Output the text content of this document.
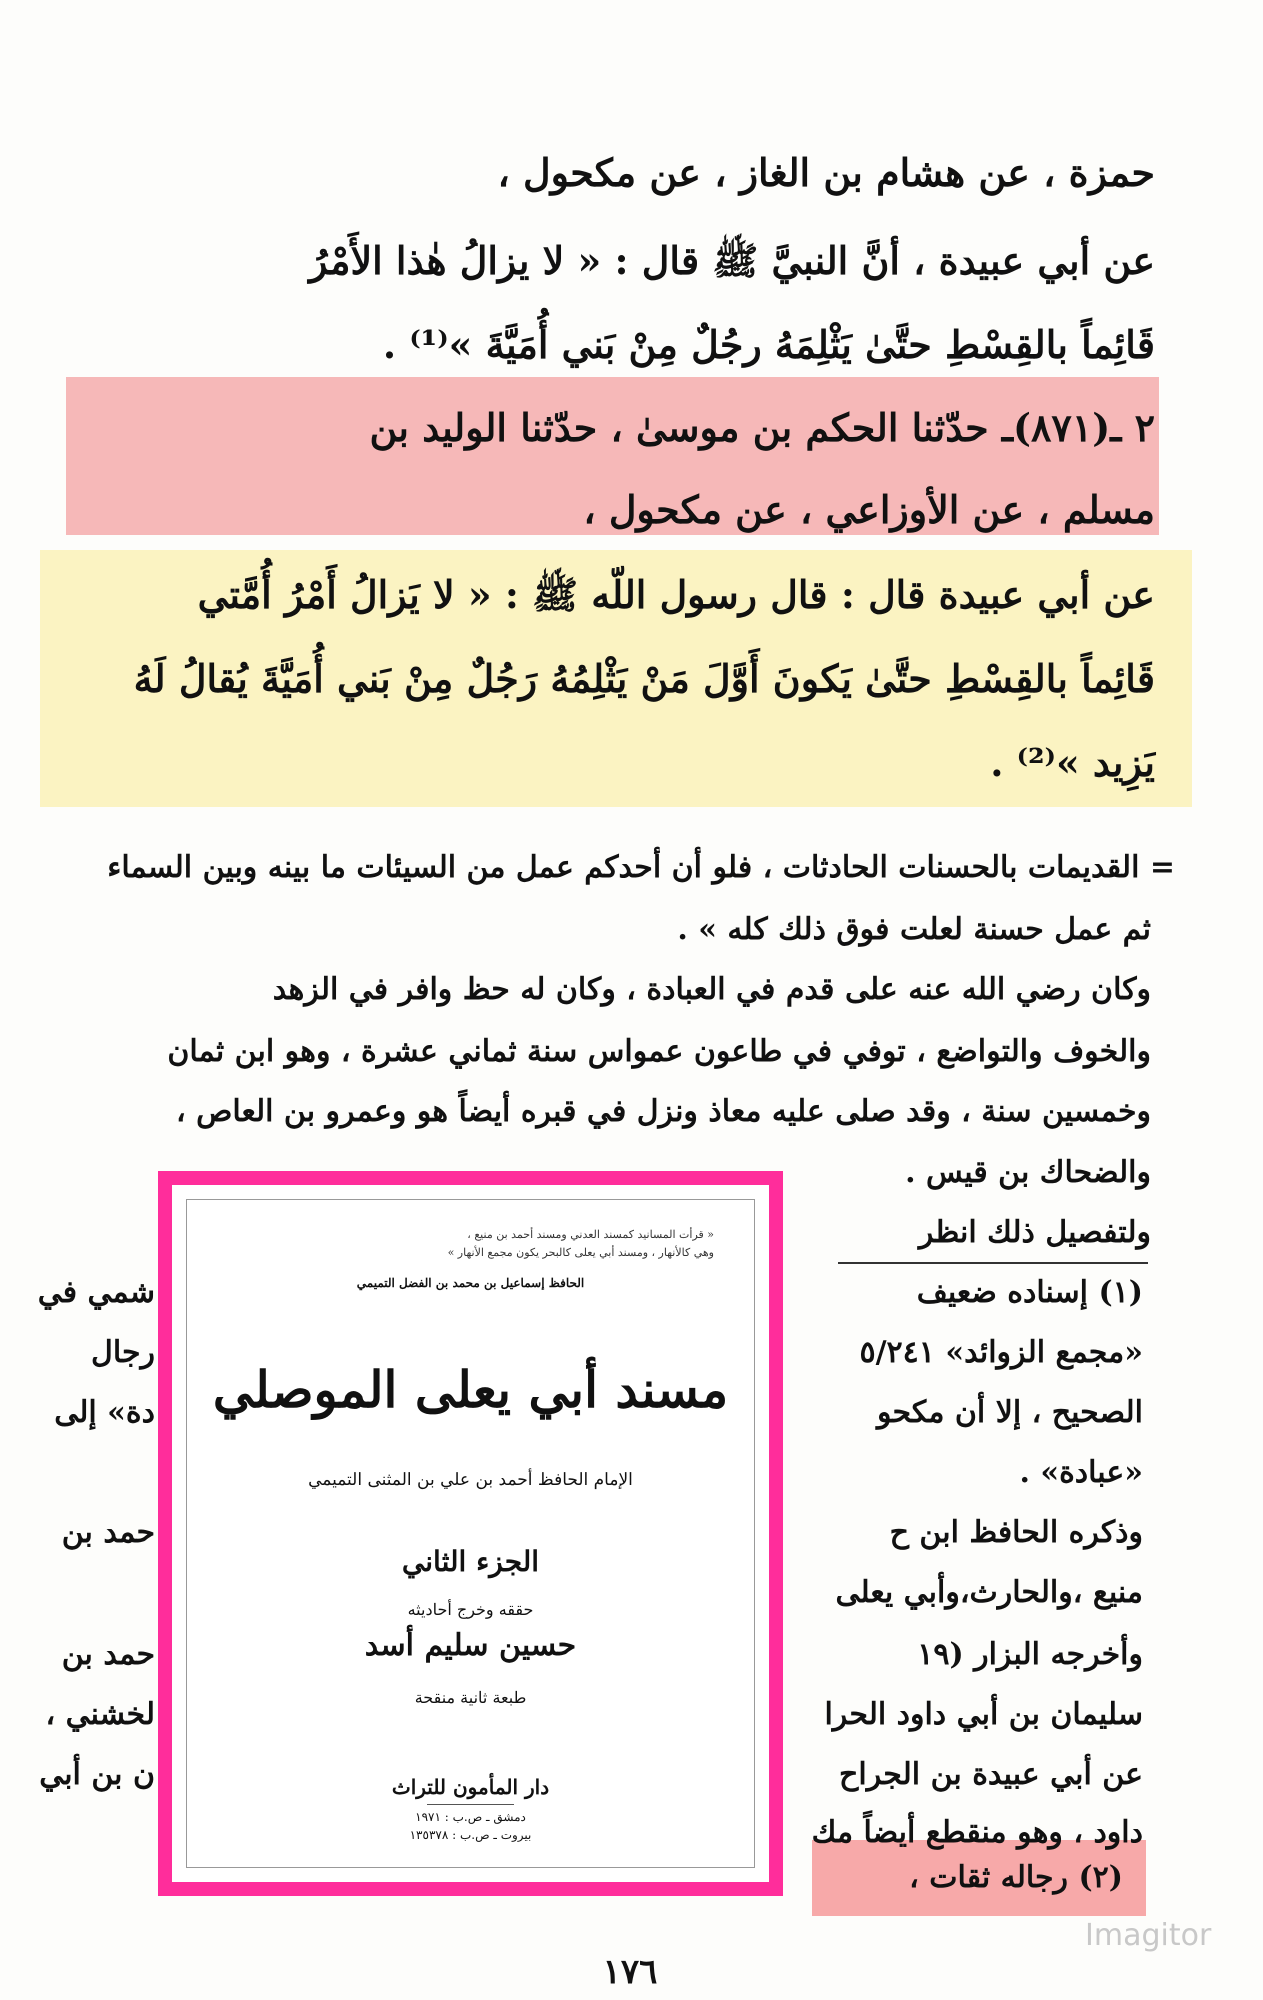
حمزة ، عن هشام بن الغاز ، عن مكحول ،
عن أبي عبيدة ، أنَّ النبيَّ ﷺ قال : « لا يزالُ هٰذا الأَمْرُ
قَائِماً بالقِسْطِ حتَّىٰ يَثْلِمَهُ رجُلٌ مِنْ بَني أُمَيَّةَ »⁽¹⁾ .
٢ ـ(٨٧١)ـ حدّثنا الحكم بن موسىٰ ، حدّثنا الوليد بن
مسلم ، عن الأوزاعي ، عن مكحول ،
عن أبي عبيدة قال : قال رسول اللّه ﷺ : « لا يَزالُ أَمْرُ أُمَّتي
قَائِماً بالقِسْطِ حتَّىٰ يَكونَ أَوَّلَ مَنْ يَثْلِمُهُ رَجُلٌ مِنْ بَني أُمَيَّةَ يُقالُ لَهُ
يَزِيد »⁽²⁾ .
= القديمات بالحسنات الحادثات ، فلو أن أحدكم عمل من السيئات ما بينه وبين السماء
ثم عمل حسنة لعلت فوق ذلك كله » .
وكان رضي الله عنه على قدم في العبادة ، وكان له حظ وافر في الزهد
والخوف والتواضع ، توفي في طاعون عمواس سنة ثماني عشرة ، وهو ابن ثمان
وخمسين سنة ، وقد صلى عليه معاذ ونزل في قبره أيضاً هو وعمرو بن العاص ،
والضحاك بن قيس .
ولتفصيل ذلك انظر
(١) إسناده ضعيف
شمي في
«مجمع الزوائد» ٥/٢٤١
رجال
الصحيح ، إلا أن مكحو
دة» إلى
«عبادة» .
وذكره الحافظ ابن ح
حمد بن
منيع ،والحارث،وأبي يعلى
وأخرجه البزار (١٩
حمد بن
سليمان بن أبي داود الحرا
لخشني ،
عن أبي عبيدة بن الجراح
ن بن أبي
داود ، وهو منقطع أيضاً مك
(٢) رجاله ثقات ،
« قرأت المسانيد كمسند العدني ومسند أحمد بن منيع ،
وهي كالأنهار ، ومسند أبي يعلى كالبحر يكون مجمع الأنهار »
الحافظ إسماعيل بن محمد بن الفضل التميمي
مسند أبي يعلى الموصلي
الإمام الحافظ أحمد بن علي بن المثنى التميمي
الجزء الثاني
حققه وخرج أحاديثه
حسين سليم أسد
طبعة ثانية منقحة
دار المأمون للتراث
دمشق ـ ص.ب : ١٩٧١
بيروت ـ ص.ب : ١٣٥٣٧٨
١٧٦
Imagitor
